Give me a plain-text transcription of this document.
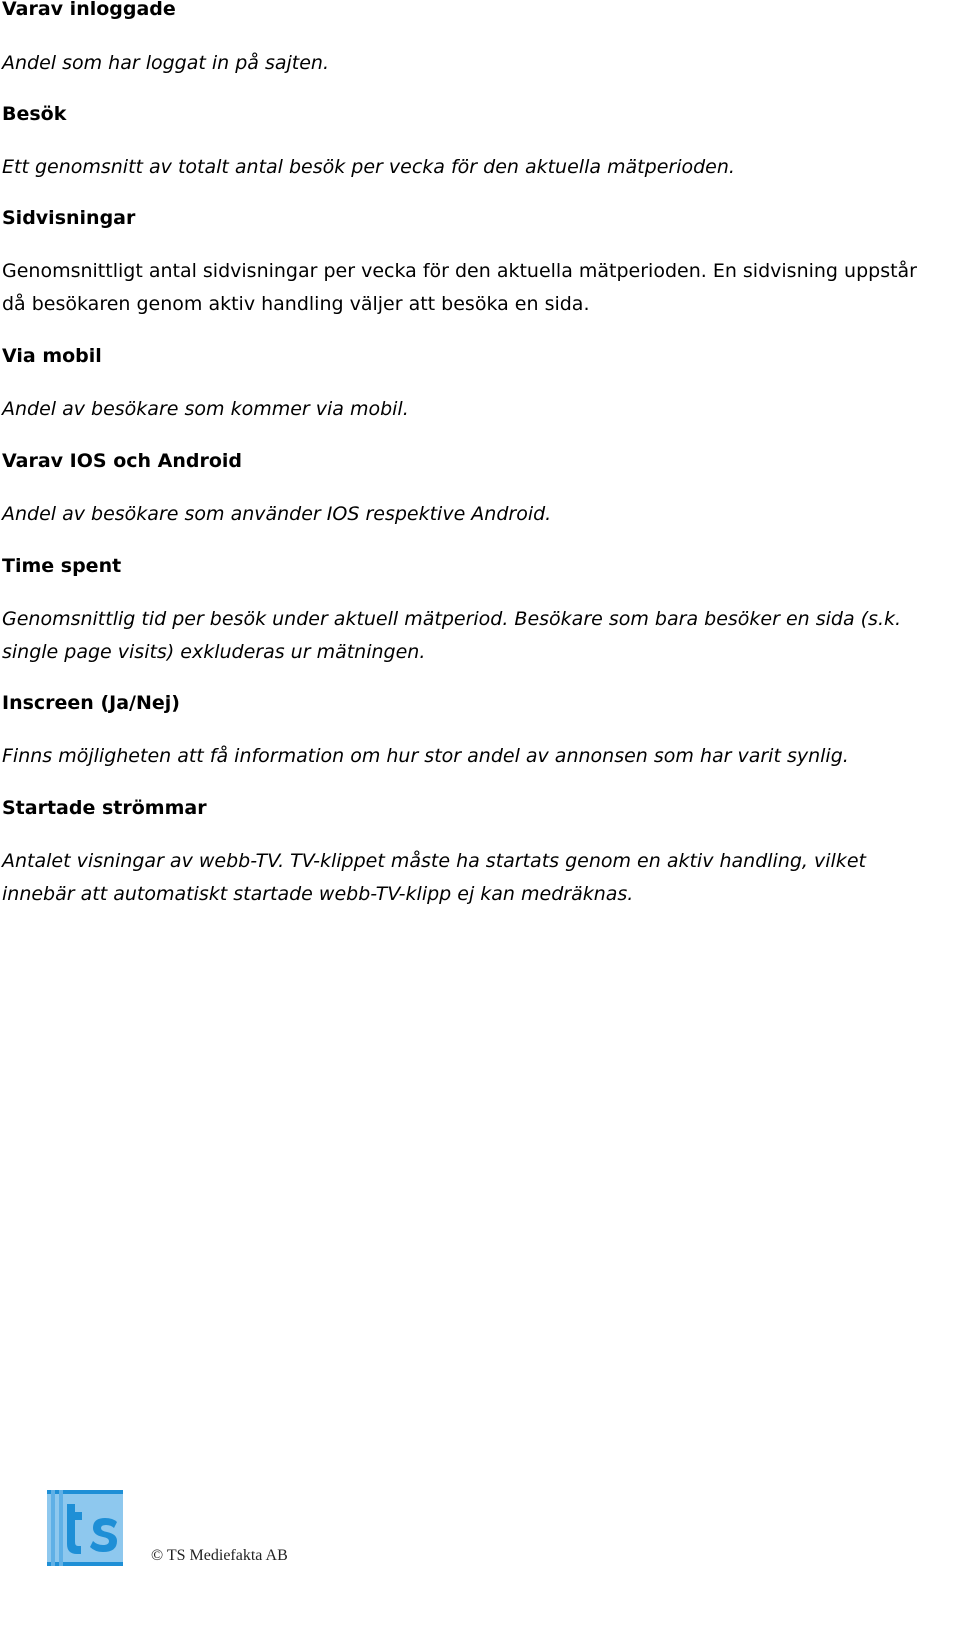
Varav inloggade

Andel som har loggat in på sajten.

Besök

Ett genomsnitt av totalt antal besök per vecka för den aktuella mätperioden.

Sidvisningar

Genomsnittligt antal sidvisningar per vecka för den aktuella mätperioden. En sidvisning uppstår då besökaren genom aktiv handling väljer att besöka en sida.

Via mobil

Andel av besökare som kommer via mobil.

Varav IOS och Android

Andel av besökare som använder IOS respektive Android.

Time spent

Genomsnittlig tid per besök under aktuell mätperiod. Besökare som bara besöker en sida (s.k. single page visits) exkluderas ur mätningen.

Inscreen (Ja/Nej)

Finns möjligheten att få information om hur stor andel av annonsen som har varit synlig.

Startade strömmar

Antalet visningar av webb-TV. TV-klippet måste ha startats genom en aktiv handling, vilket innebär att automatiskt startade webb-TV-klipp ej kan medräknas.

© TS Mediefakta AB
